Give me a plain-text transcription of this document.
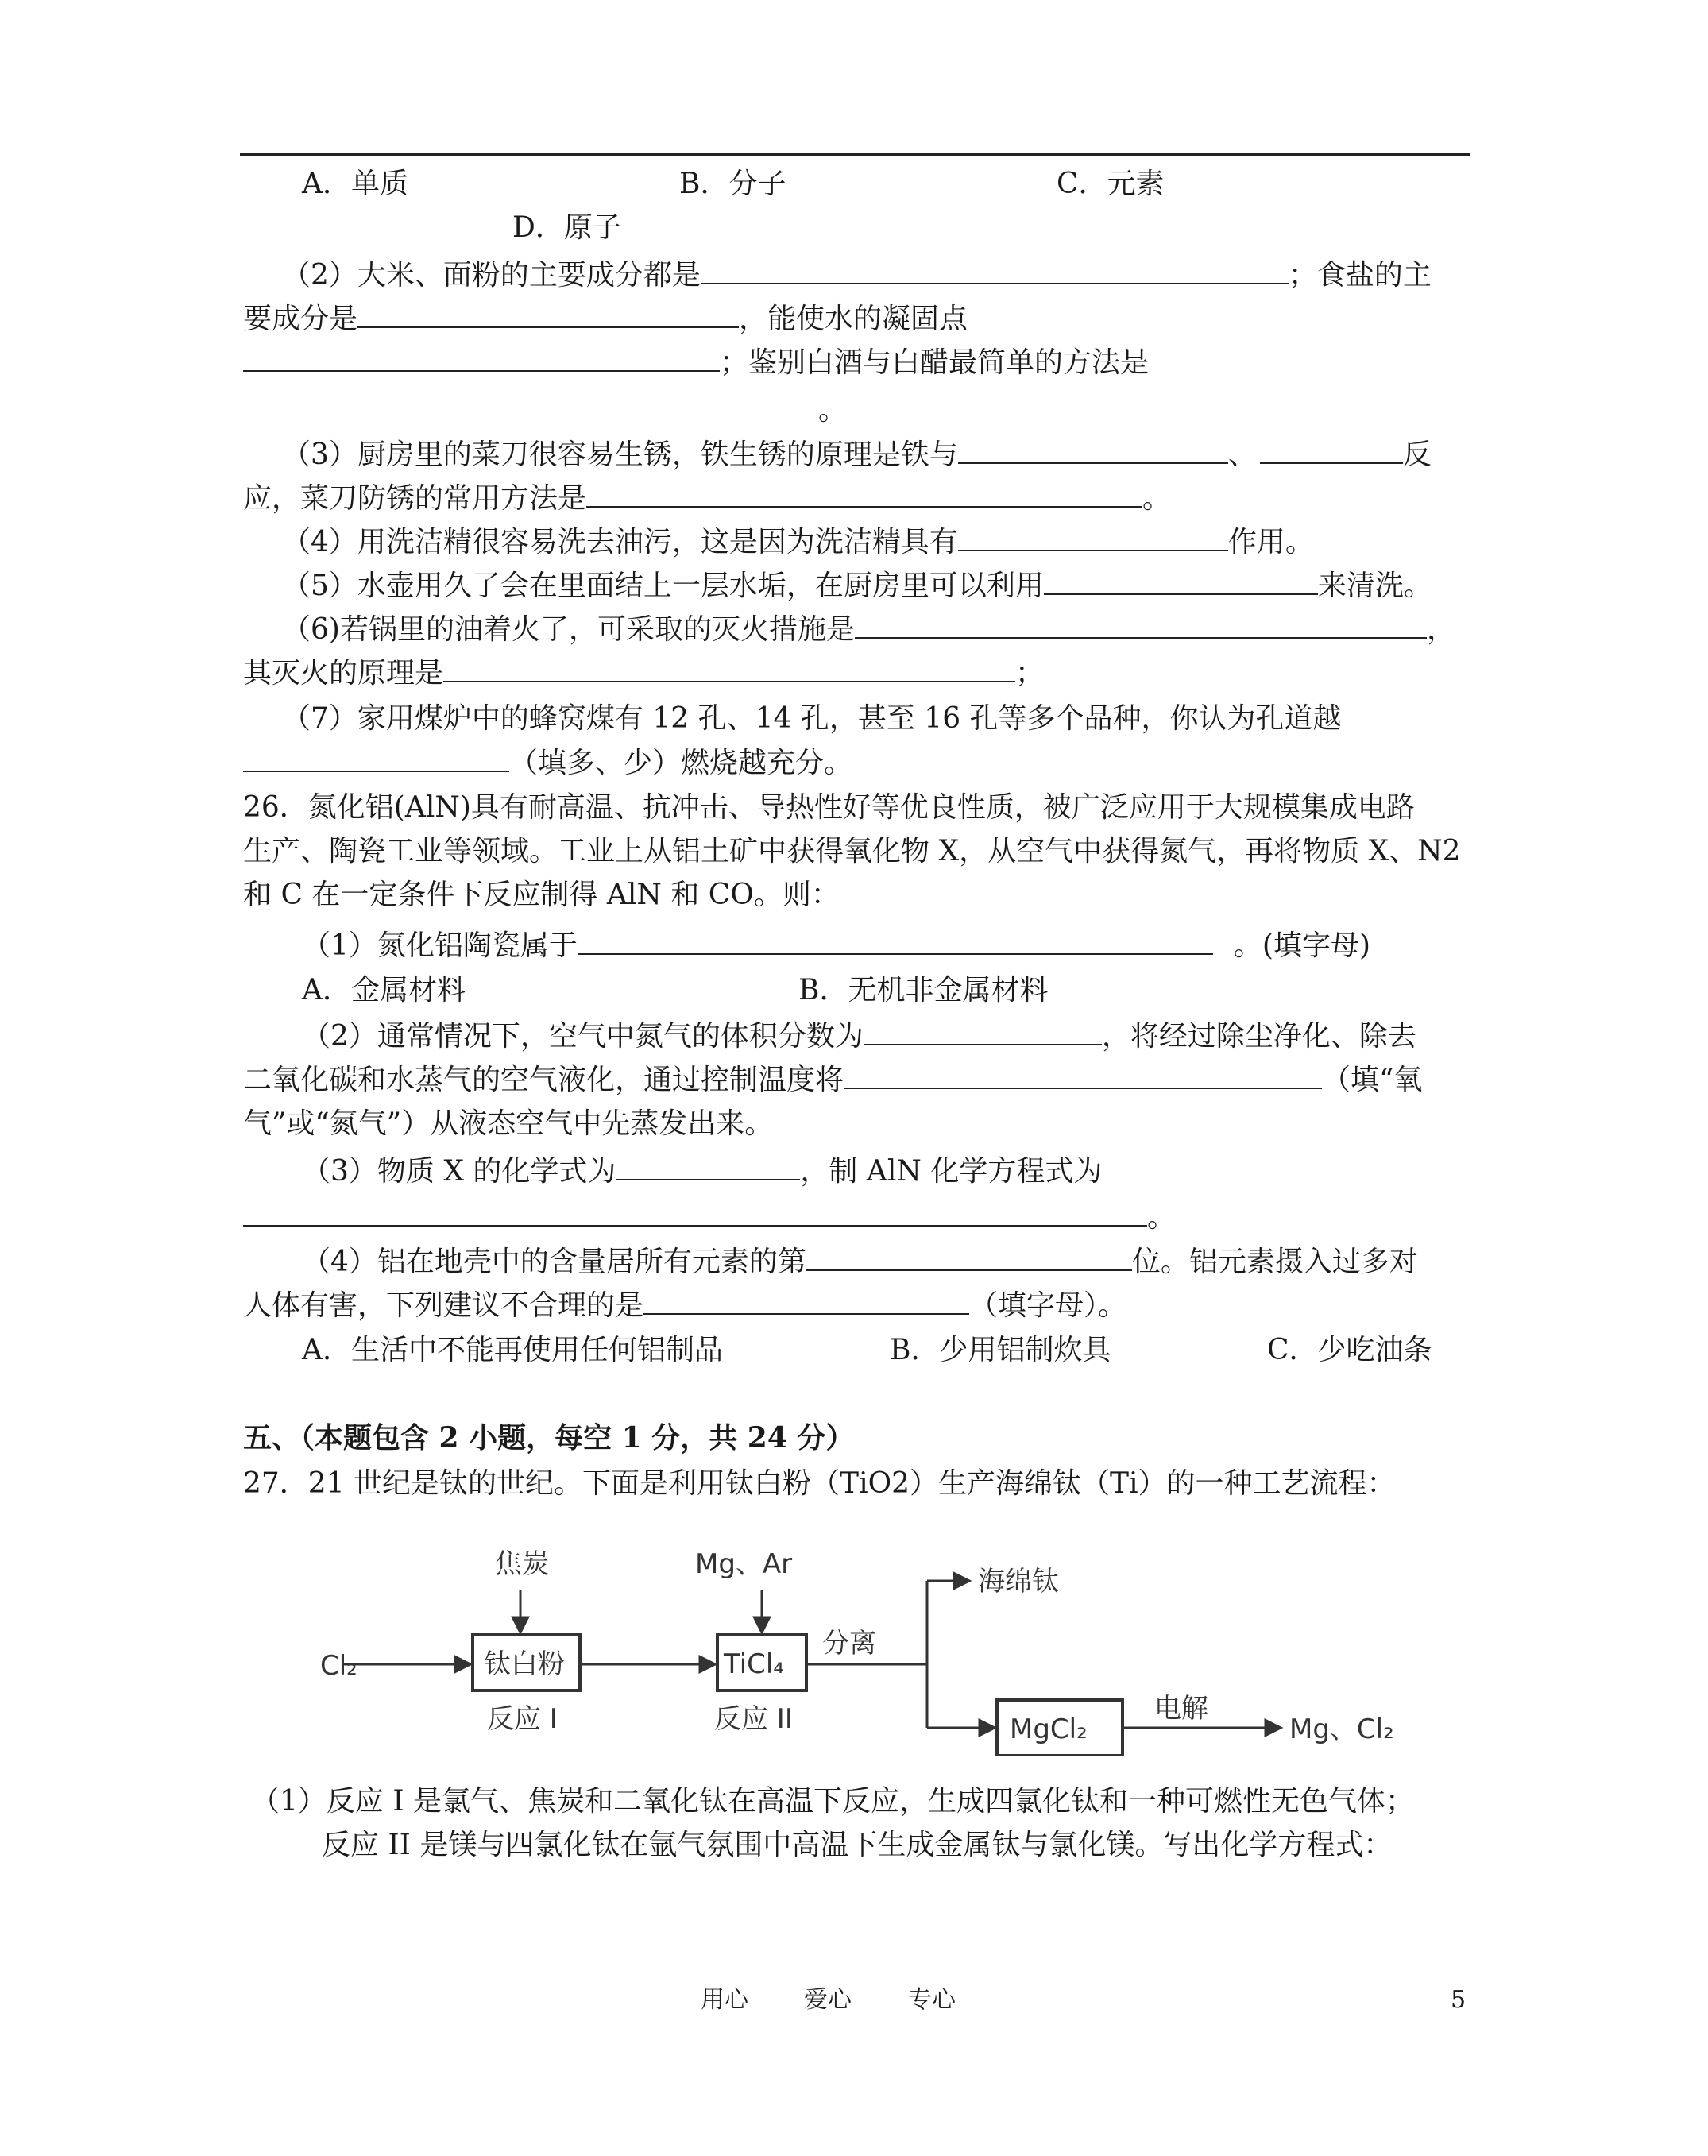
A．单质	B．分子	C．元素
D．原子
（2）大米、面粉的主要成分都是	；食盐的主
要成分是	，能使水的凝固点
；鉴别白酒与白醋最简单的方法是
。
（3）厨房里的菜刀很容易生锈，铁生锈的原理是铁与	、	反
应，菜刀防锈的常用方法是	。
（4）用洗洁精很容易洗去油污，这是因为洗洁精具有	作用。
（5）水壶用久了会在里面结上一层水垢，在厨房里可以利用	来清洗。
（6)若锅里的油着火了，可采取的灭火措施是	，
其灭火的原理是	；
（7）家用煤炉中的蜂窝煤有 12 孔、14 孔，甚至 16 孔等多个品种，你认为孔道越
（填多、少）燃烧越充分。
26．氮化铝(AlN)具有耐高温、抗冲击、导热性好等优良性质，被广泛应用于大规模集成电路
生产、陶瓷工业等领域。工业上从铝土矿中获得氧化物 X，从空气中获得氮气，再将物质 X、N2
和 C 在一定条件下反应制得 AlN 和 CO。则：
（1）氮化铝陶瓷属于	。(填字母)
A．金属材料	B．无机非金属材料
（2）通常情况下，空气中氮气的体积分数为	，将经过除尘净化、除去
二氧化碳和水蒸气的空气液化，通过控制温度将	（填“氧
气”或“氮气”）从液态空气中先蒸发出来。
（3）物质 X 的化学式为	，制 AlN 化学方程式为
。
（4）铝在地壳中的含量居所有元素的第	位。铝元素摄入过多对
人体有害，下列建议不合理的是	（填字母）。
A．生活中不能再使用任何铝制品	B．少用铝制炊具	C．少吃油条
五、（本题包含 2 小题，每空 1 分，共 24 分）
27．21 世纪是钛的世纪。下面是利用钛白粉（TiO2）生产海绵钛（Ti）的一种工艺流程：
Cl₂
焦炭
钛白粉
反应 I
Mg、Ar
TiCl₄
反应 II
分离
海绵钛
MgCl₂
电解
Mg、Cl₂
（1）反应 I 是氯气、焦炭和二氧化钛在高温下反应，生成四氯化钛和一种可燃性无色气体；
反应 II 是镁与四氯化钛在氩气氛围中高温下生成金属钛与氯化镁。写出化学方程式：
用心 爱心 专心	5
